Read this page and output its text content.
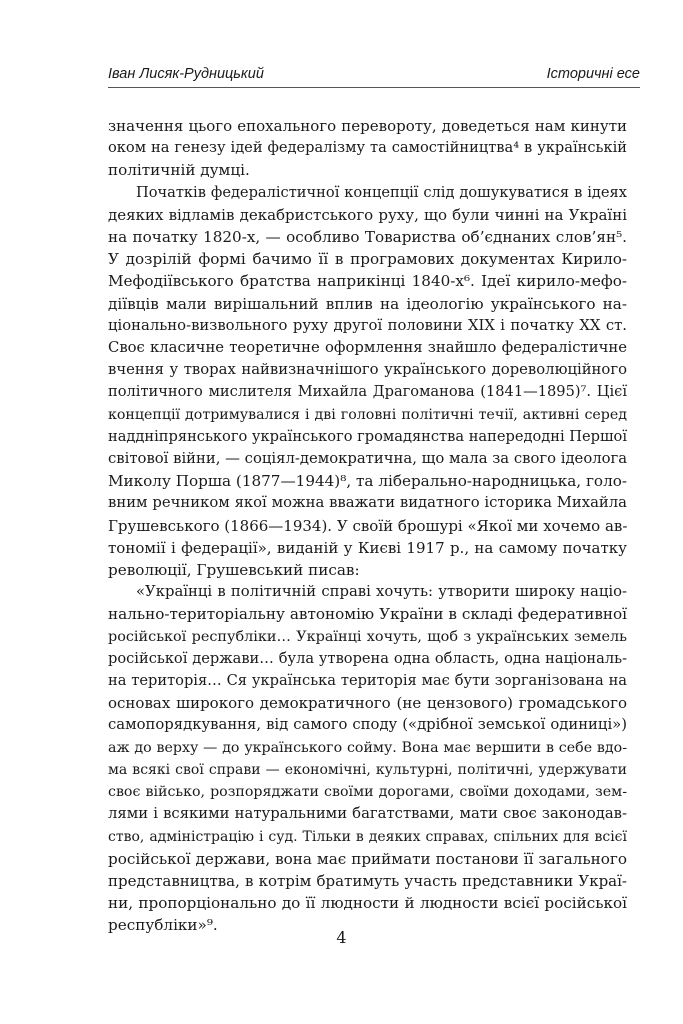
Іван Лисяк-Рудницький	Історичні есе
значення цього епохального перевороту, доведеться нам кинути
оком на генезу ідей федералізму та самостійництва⁴ в українській
політичній думці.
Початків федералістичної концепції слід дошукуватися в ідеях
деяких відламів декабристського руху, що були чинні на Україні
на початку 1820-х, — особливо Товариства об’єднаних слов’ян⁵.
У дозрілій формі бачимо її в програмових документах Кирило-
Мефодіївського братства наприкінці 1840-х⁶. Ідеї кирило-мефо-
діївців мали вирішальний вплив на ідеологію українського на-
ціонально-визвольного руху другої половини XIX і початку XX ст.
Своє класичне теоретичне оформлення знайшло федералістичне
вчення у творах найвизначнішого українського дореволюційного
політичного мислителя Михайла Драгоманова (1841—1895)⁷. Цієї
концепції дотримувалися і дві головні політичні течії, активні серед
наддніпрянського українського громадянства напередодні Першої
світової війни, — соціял-демократична, що мала за свого ідеолога
Миколу Порша (1877—1944)⁸, та ліберально-народницька, голо-
вним речником якої можна вважати видатного історика Михайла
Грушевського (1866—1934). У своїй брошурі «Якої ми хочемо ав-
тономії і федерації», виданій у Києві 1917 р., на самому початку
революції, Грушевський писав:
«Українці в політичній справі хочуть: утворити широку націо-
нально-територіальну автономію України в складі федеративної
російської республіки… Українці хочуть, щоб з українських земель
російської держави… була утворена одна область, одна національ-
на територія… Ся українська територія має бути зорганізована на
основах широкого демократичного (не цензового) громадського
самопорядкування, від самого споду («дрібної земської одиниці»)
аж до верху — до українського сойму. Вона має вершити в себе вдо-
ма всякі свої справи — економічні, культурні, політичні, удержувати
своє військо, розпоряджати своїми дорогами, своїми доходами, зем-
лями і всякими натуральними багатствами, мати своє законодав-
ство, адміністрацію і суд. Тільки в деяких справах, спільних для всієї
російської держави, вона має приймати постанови її загального
представництва, в котрім братимуть участь представники Украї-
ни, пропорціонально до її людности й людности всієї російської
республіки»⁹.
4
